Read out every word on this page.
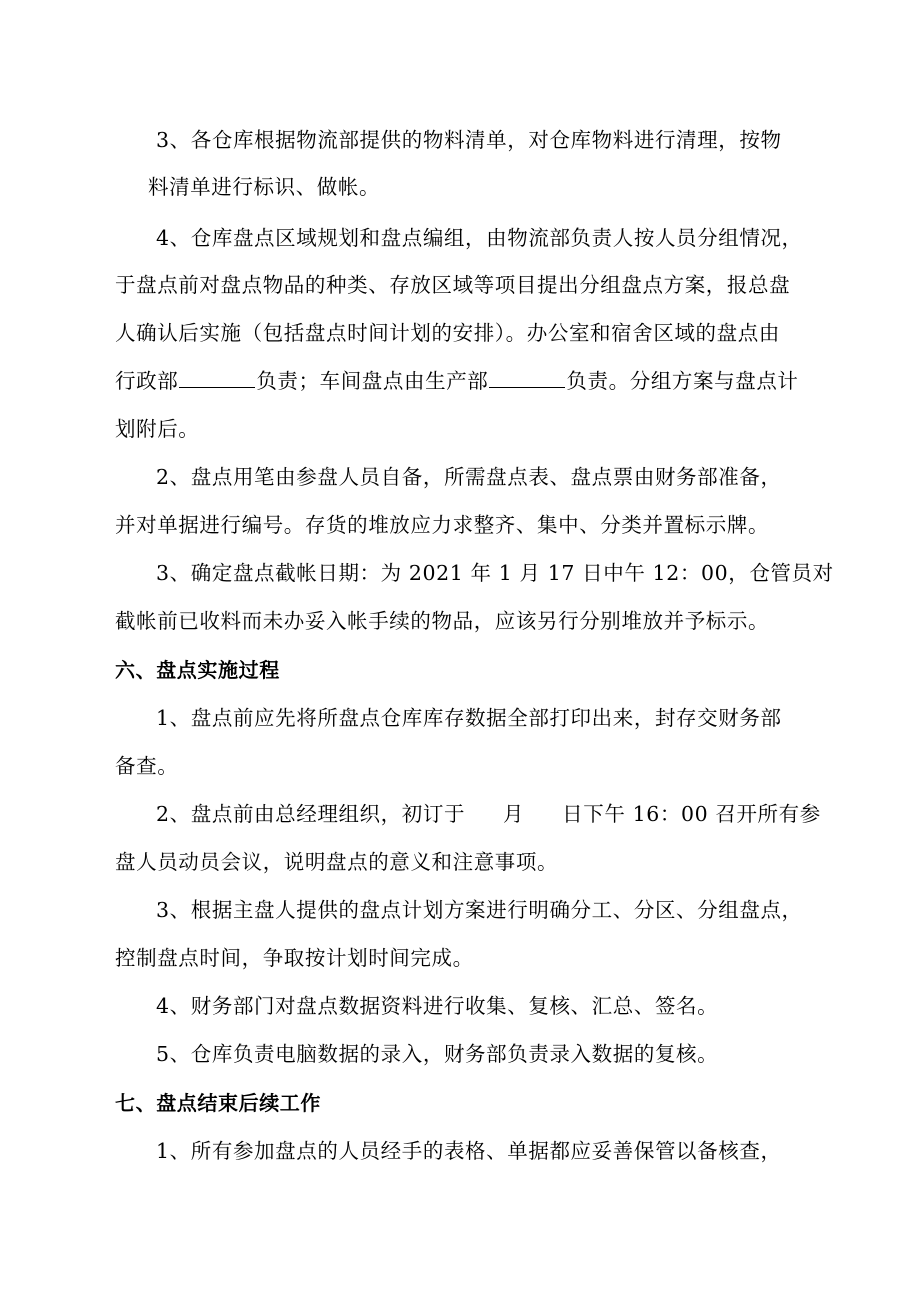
3、各仓库根据物流部提供的物料清单，对仓库物料进行清理，按物
料清单进行标识、做帐。
4、仓库盘点区域规划和盘点编组，由物流部负责人按人员分组情况，
于盘点前对盘点物品的种类、存放区域等项目提出分组盘点方案，报总盘
人确认后实施（包括盘点时间计划的安排）。办公室和宿舍区域的盘点由
行政部	负责；车间盘点由生产部	负责。分组方案与盘点计
划附后。
2、盘点用笔由参盘人员自备，所需盘点表、盘点票由财务部准备，
并对单据进行编号。存货的堆放应力求整齐、集中、分类并置标示牌。
3、确定盘点截帐日期：为 2021 年 1 月 17 日中午 12：00，仓管员对
截帐前已收料而未办妥入帐手续的物品，应该另行分别堆放并予标示。
六、盘点实施过程
1、盘点前应先将所盘点仓库库存数据全部打印出来，封存交财务部
备查。
2、盘点前由总经理组织，初订于 月 日下午 16：00 召开所有参
盘人员动员会议，说明盘点的意义和注意事项。
3、根据主盘人提供的盘点计划方案进行明确分工、分区、分组盘点，
控制盘点时间，争取按计划时间完成。
4、财务部门对盘点数据资料进行收集、复核、汇总、签名。
5、仓库负责电脑数据的录入，财务部负责录入数据的复核。
七、盘点结束后续工作
1、所有参加盘点的人员经手的表格、单据都应妥善保管以备核查，
